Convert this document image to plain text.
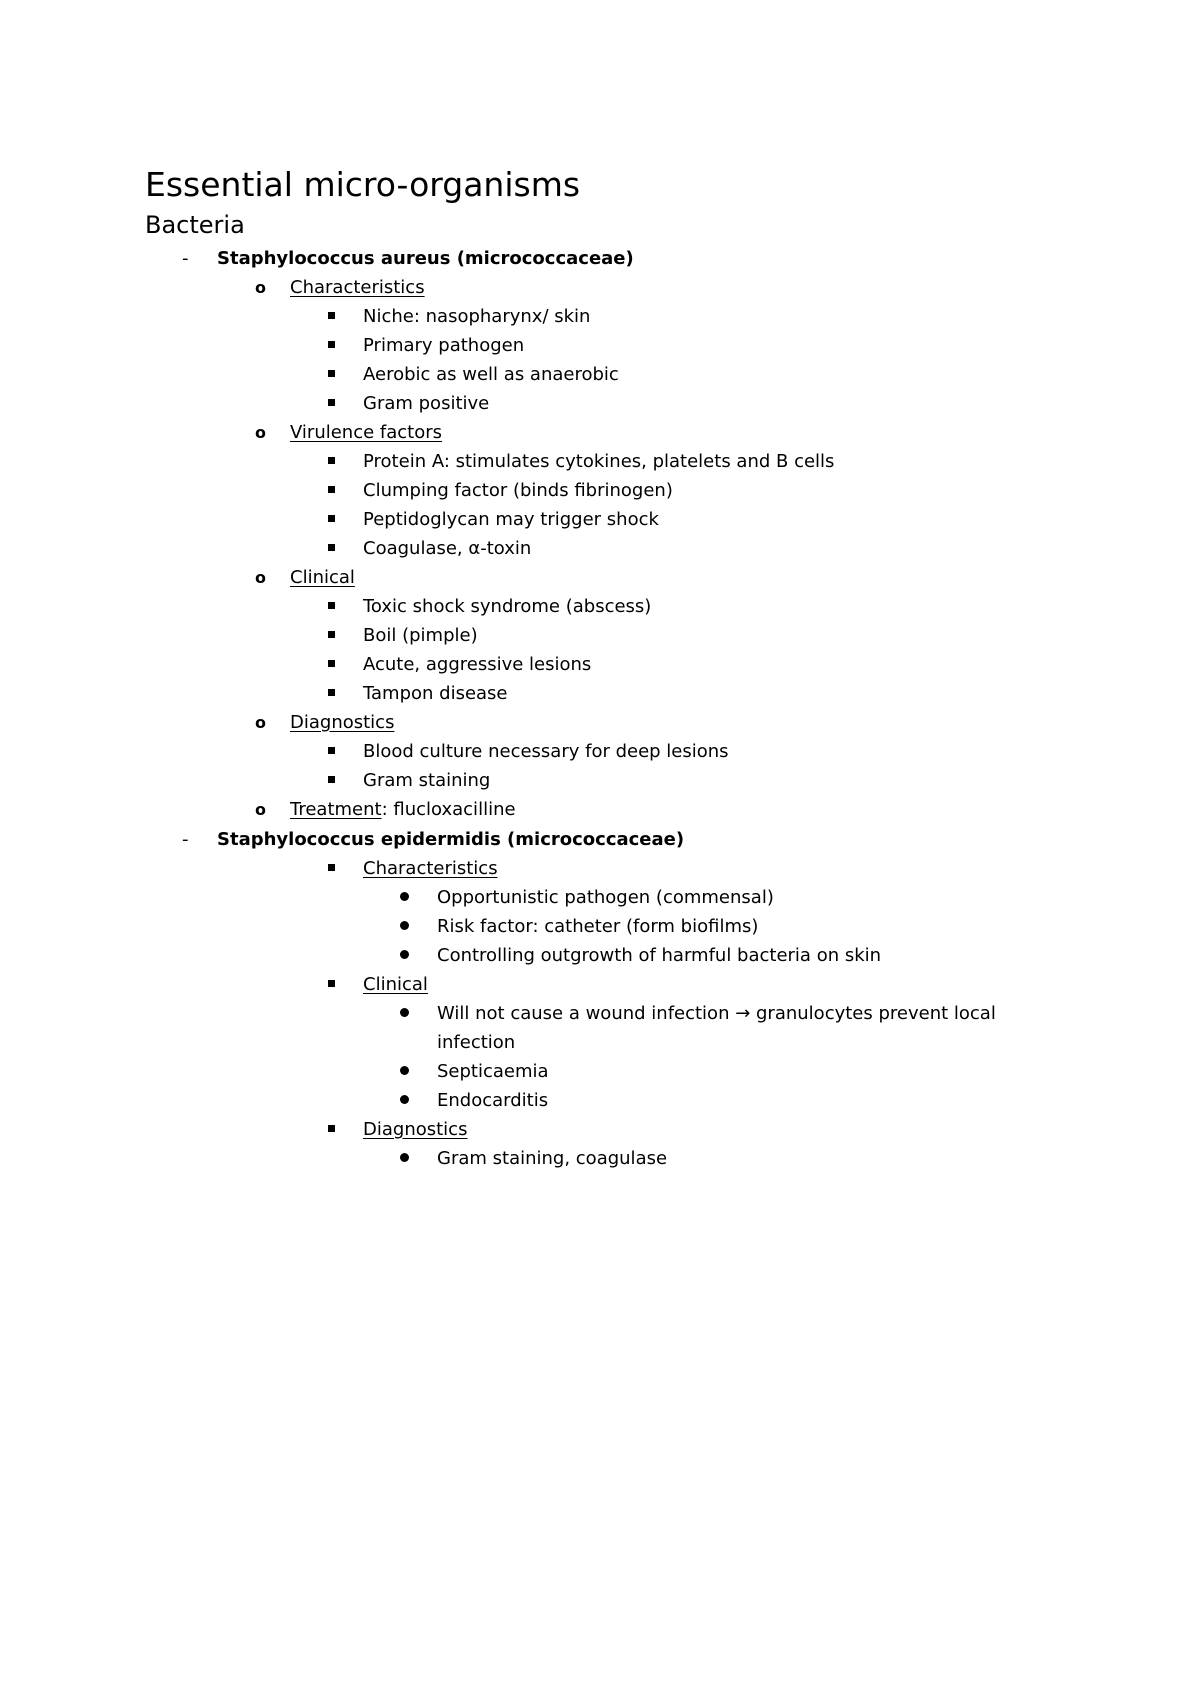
Essential micro-organisms
Bacteria
-	Staphylococcus aureus (micrococcaceae)
o	Characteristics
Niche: nasopharynx/ skin
Primary pathogen
Aerobic as well as anaerobic
Gram positive
o	Virulence factors
Protein A: stimulates cytokines, platelets and B cells
Clumping factor (binds fibrinogen)
Peptidoglycan may trigger shock
Coagulase, α-toxin
o	Clinical
Toxic shock syndrome (abscess)
Boil (pimple)
Acute, aggressive lesions
Tampon disease
o	Diagnostics
Blood culture necessary for deep lesions
Gram staining
o	Treatment: flucloxacilline
-	Staphylococcus epidermidis (micrococcaceae)
Characteristics
Opportunistic pathogen (commensal)
Risk factor: catheter (form biofilms)
Controlling outgrowth of harmful bacteria on skin
Clinical
Will not cause a wound infection → granulocytes prevent local
infection
Septicaemia
Endocarditis
Diagnostics
Gram staining, coagulase
